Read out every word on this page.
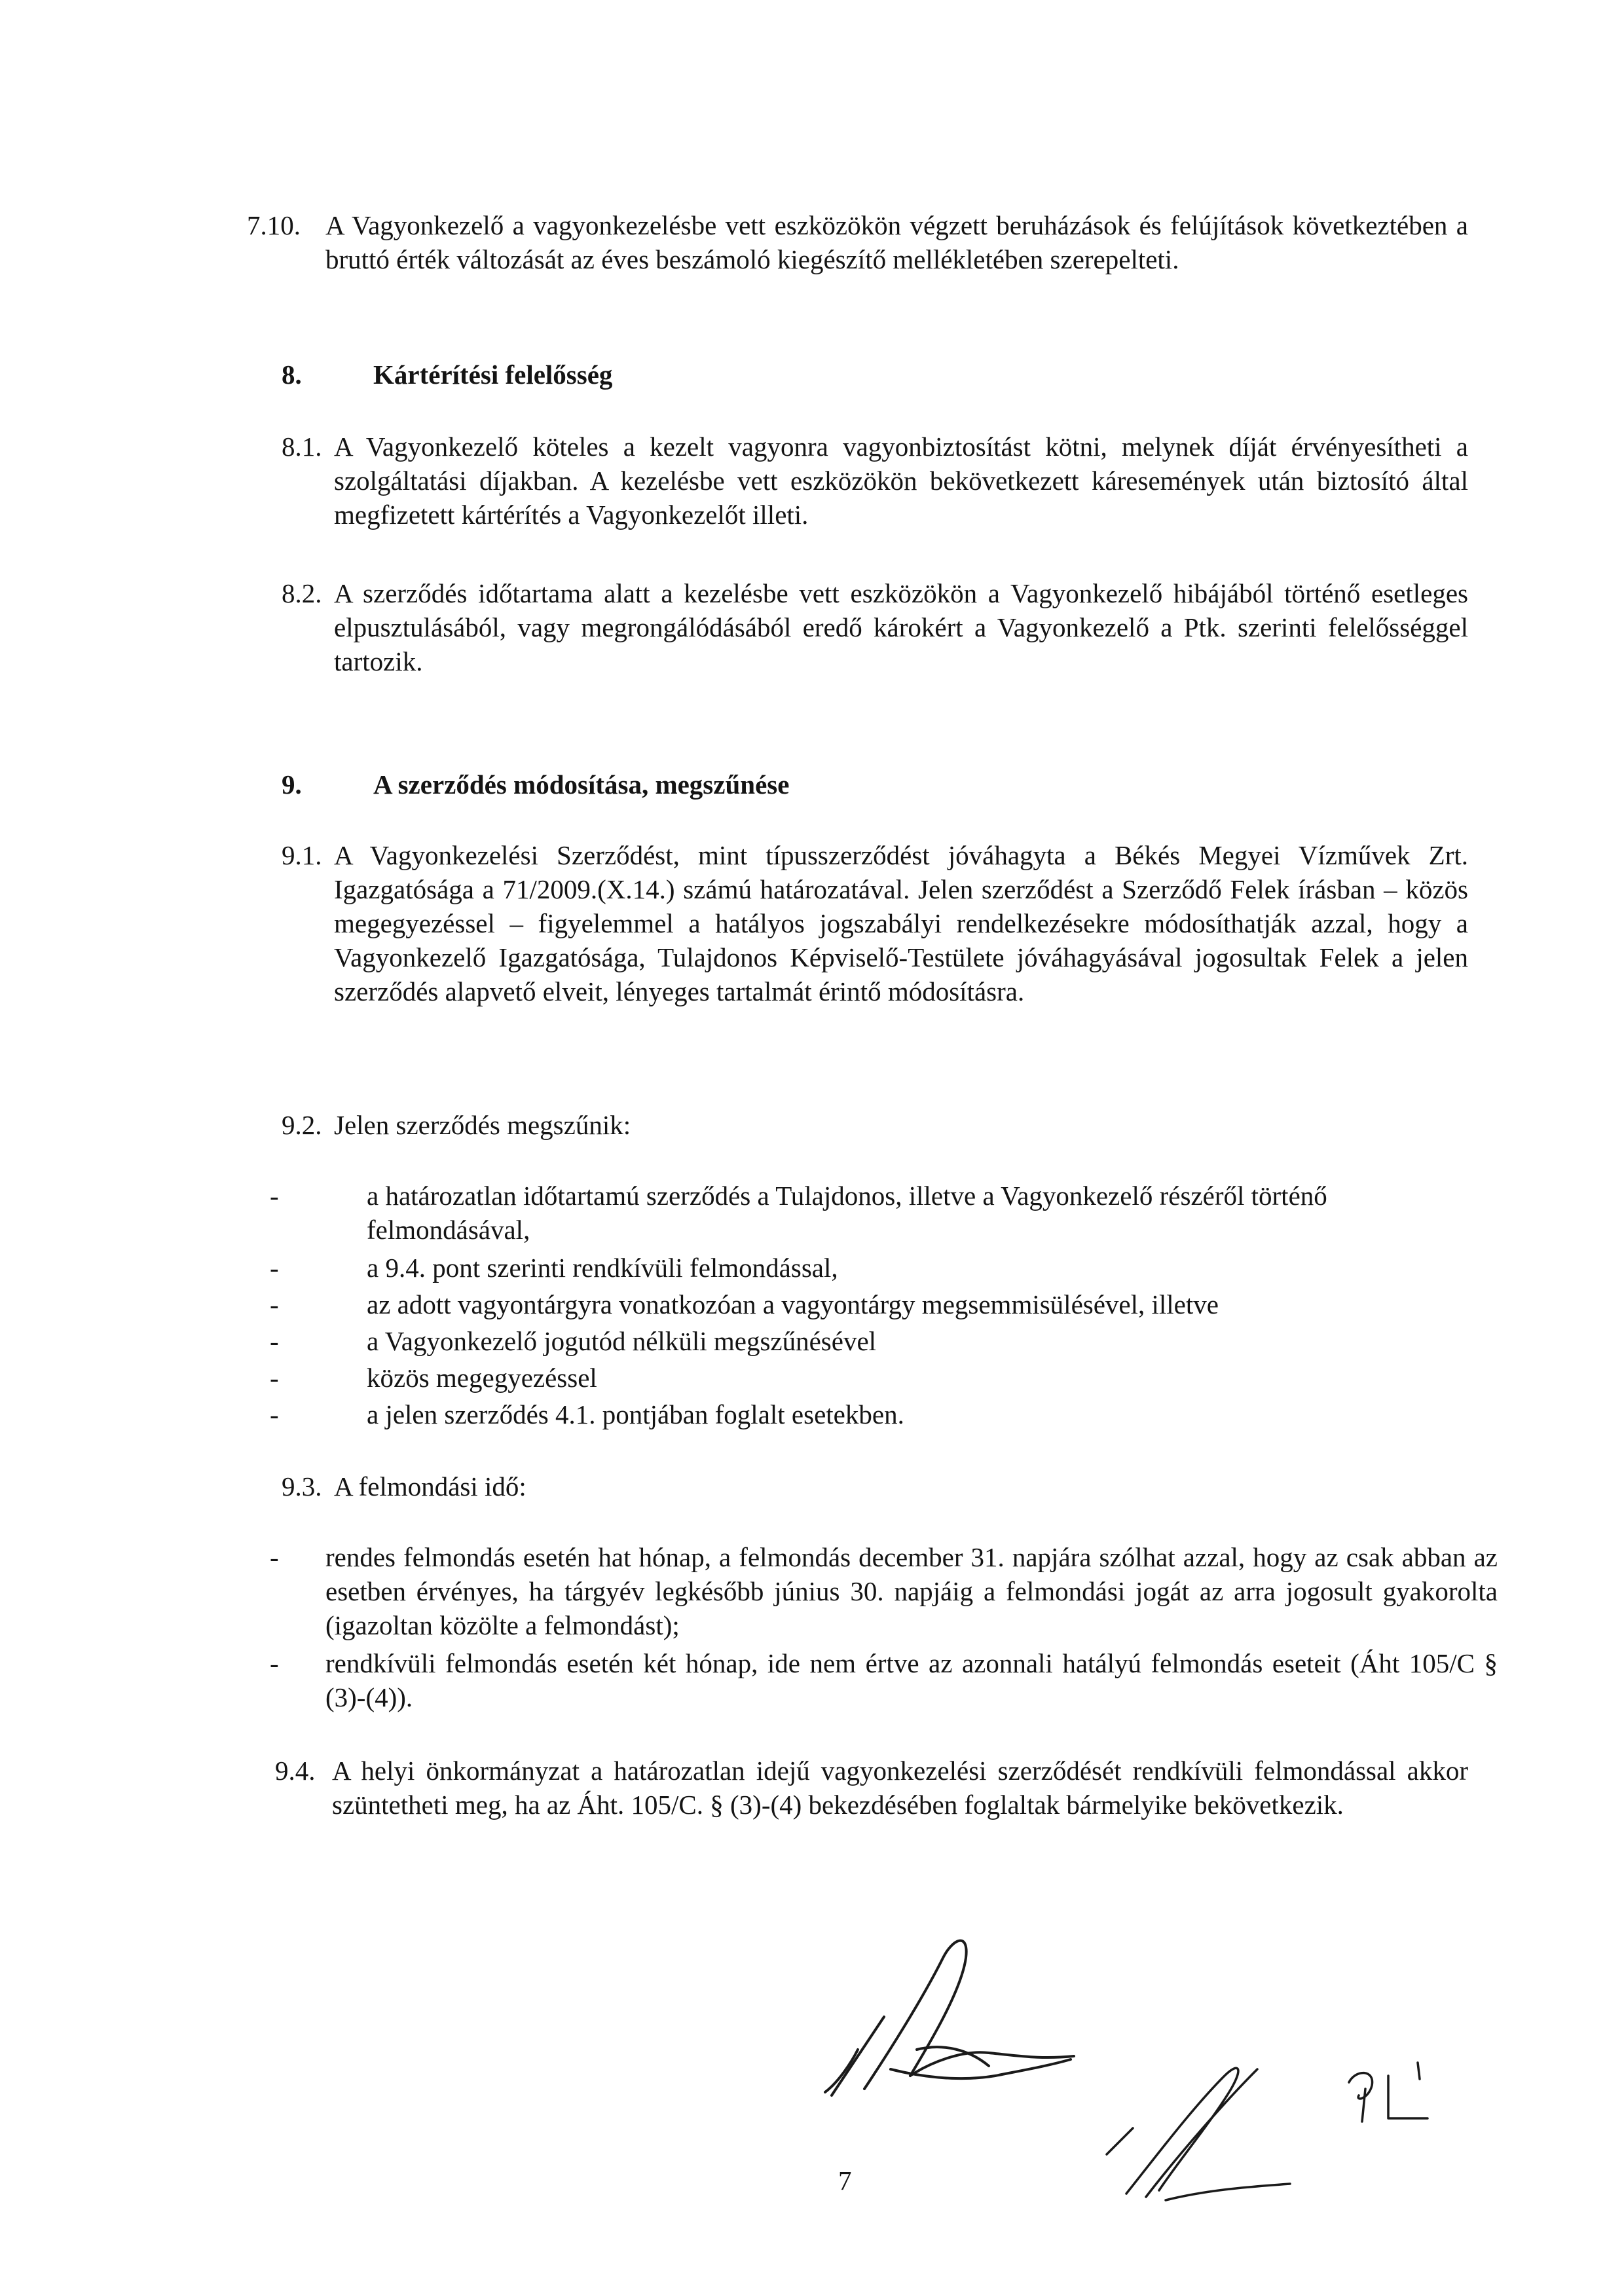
7.10. A Vagyonkezelő a vagyonkezelésbe vett eszközökön végzett beruházások és felújítások következtében a bruttó érték változását az éves beszámoló kiegészítő mellékletében szerepelteti.
8.	Kártérítési felelősség
8.1. A Vagyonkezelő köteles a kezelt vagyonra vagyonbiztosítást kötni, melynek díját érvényesítheti a szolgáltatási díjakban. A kezelésbe vett eszközökön bekövetkezett káresemények után biztosító által megfizetett kártérítés a Vagyonkezelőt illeti.
8.2. A szerződés időtartama alatt a kezelésbe vett eszközökön a Vagyonkezelő hibájából történő esetleges elpusztulásából, vagy megrongálódásából eredő károkért a Vagyonkezelő a Ptk. szerinti felelősséggel tartozik.
9.	A szerződés módosítása, megszűnése
9.1. A Vagyonkezelési Szerződést, mint típusszerződést jóváhagyta a Békés Megyei Vízművek Zrt. Igazgatósága a 71/2009.(X.14.) számú határozatával. Jelen szerződést a Szerződő Felek írásban – közös megegyezéssel – figyelemmel a hatályos jogszabályi rendelkezésekre módosíthatják azzal, hogy a Vagyonkezelő Igazgatósága, Tulajdonos Képviselő-Testülete jóváhagyásával jogosultak Felek a jelen szerződés alapvető elveit, lényeges tartalmát érintő módosításra.
9.2. Jelen szerződés megszűnik:
-	a határozatlan időtartamú szerződés a Tulajdonos, illetve a Vagyonkezelő részéről történő felmondásával,
-	a 9.4. pont szerinti rendkívüli felmondással,
-	az adott vagyontárgyra vonatkozóan a vagyontárgy megsemmisülésével, illetve
-	a Vagyonkezelő jogutód nélküli megszűnésével
-	közös megegyezéssel
-	a jelen szerződés 4.1. pontjában foglalt esetekben.
9.3. A felmondási idő:
- rendes felmondás esetén hat hónap, a felmondás december 31. napjára szólhat azzal, hogy az csak abban az esetben érvényes, ha tárgyév legkésőbb június 30. napjáig a felmondási jogát az arra jogosult gyakorolta (igazoltan közölte a felmondást);
- rendkívüli felmondás esetén két hónap, ide nem értve az azonnali hatályú felmondás eseteit (Áht 105/C § (3)-(4)).
9.4. A helyi önkormányzat a határozatlan idejű vagyonkezelési szerződését rendkívüli felmondással akkor szüntetheti meg, ha az Áht. 105/C. § (3)-(4) bekezdésében foglaltak bármelyike bekövetkezik.
7
